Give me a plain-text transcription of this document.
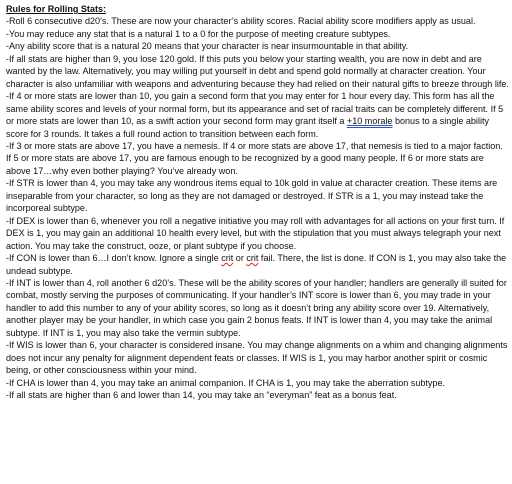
Rules for Rolling Stats:

-Roll 6 consecutive d20’s. These are now your character’s ability scores. Racial ability score modifiers apply as usual.

-You may reduce any stat that is a natural 1 to a 0 for the purpose of meeting creature subtypes.

-Any ability score that is a natural 20 means that your character is near insurmountable in that ability.

-If all stats are higher than 9, you lose 120 gold. If this puts you below your starting wealth, you are now in debt and are wanted by the law. Alternatively, you may willing put yourself in debt and spend gold normally at character creation. Your character is also unfamiliar with weapons and adventuring because they had relied on their natural gifts to breeze through life.

-If 4 or more stats are lower than 10, you gain a second form that you may enter for 1 hour every day. This form has all the same ability scores and levels of your normal form, but its appearance and set of racial traits can be completely different. If 5 or more stats are lower than 10, as a swift action your second form may grant itself a +10 morale bonus to a single ability score for 3 rounds. It takes a full round action to transition between each form.

-If 3 or more stats are above 17, you have a nemesis. If 4 or more stats are above 17, that nemesis is tied to a major faction. If 5 or more stats are above 17, you are famous enough to be recognized by a good many people. If 6 or more stats are above 17…why even bother playing? You’ve already won.

-If STR is lower than 4, you may take any wondrous items equal to 10k gold in value at character creation. These items are inseparable from your character, so long as they are not damaged or destroyed. If STR is a 1, you may instead take the incorporeal subtype.

-If DEX is lower than 6, whenever you roll a negative initiative you may roll with advantages for all actions on your first turn. If DEX is 1, you may gain an additional 10 health every level, but with the stipulation that you must always telegraph your next action. You may take the construct, ooze, or plant subtype if you choose.

-If CON is lower than 6…I don’t know. Ignore a single crit or crit fail. There, the list is done. If CON is 1, you may also take the undead subtype.

-If INT is lower than 4, roll another 6 d20’s. These will be the ability scores of your handler; handlers are generally ill suited for combat, mostly serving the purposes of communicating. If your handler’s INT score is lower than 6, you may trade in your handler to add this number to any of your ability scores, so long as it doesn’t bring any ability score over 19. Alternatively, another player may be your handler, in which case you gain 2 bonus feats. If INT is lower than 4, you may take the animal subtype. If INT is 1, you may also take the vermin subtype.

-If WIS is lower than 6, your character is considered insane. You may change alignments on a whim and changing alignments does not incur any penalty for alignment dependent feats or classes. If WIS is 1, you may harbor another spirit or cosmic being, or other consciousness within your mind.

-If CHA is lower than 4, you may take an animal companion. If CHA is 1, you may take the aberration subtype.

-If all stats are higher than 6 and lower than 14, you may take an “everyman” feat as a bonus feat.
